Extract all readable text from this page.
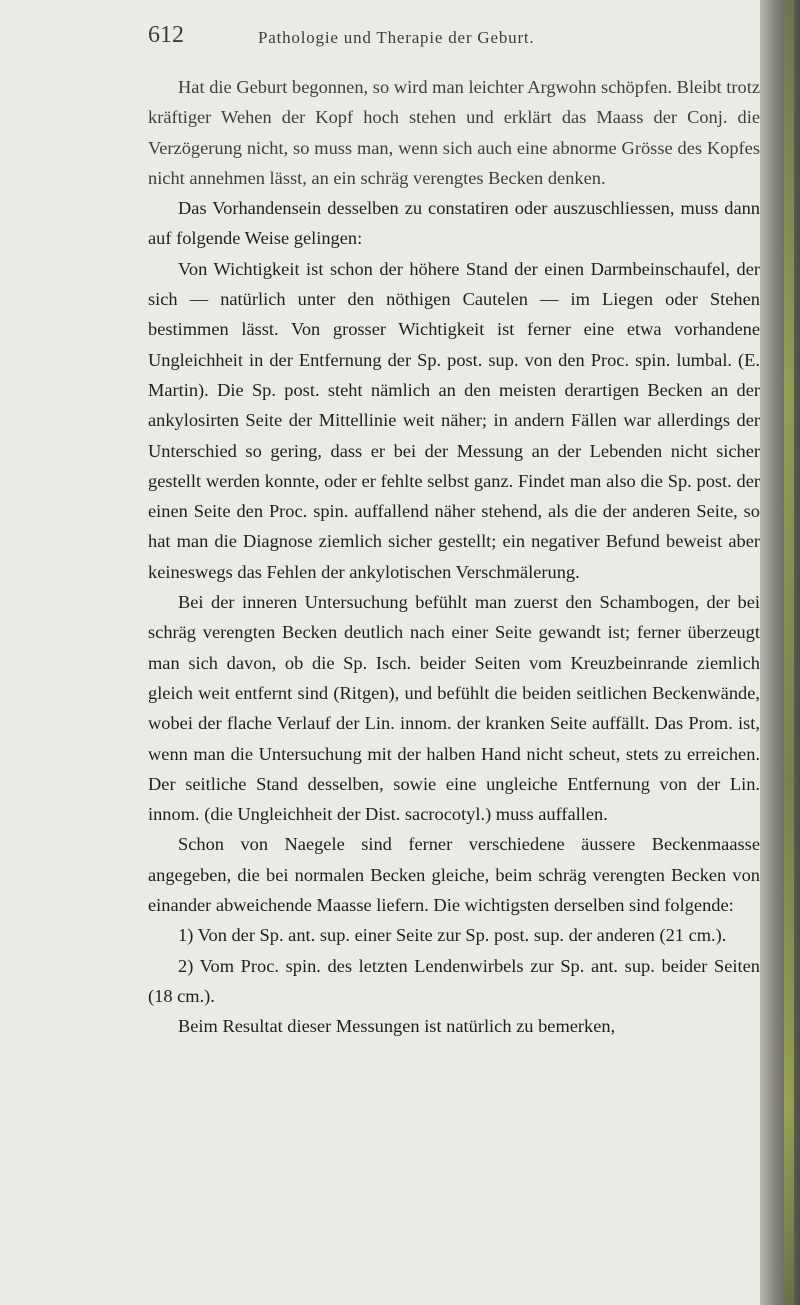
612	Pathologie und Therapie der Geburt.

Hat die Geburt begonnen, so wird man leichter Argwohn schöpfen. Bleibt trotz kräftiger Wehen der Kopf hoch stehen und erklärt das Maass der Conj. die Verzögerung nicht, so muss man, wenn sich auch eine abnorme Grösse des Kopfes nicht annehmen lässt, an ein schräg verengtes Becken denken.

Das Vorhandensein desselben zu constatiren oder auszuschliessen, muss dann auf folgende Weise gelingen:

Von Wichtigkeit ist schon der höhere Stand der einen Darmbeinschaufel, der sich — natürlich unter den nöthigen Cautelen — im Liegen oder Stehen bestimmen lässt. Von grosser Wichtigkeit ist ferner eine etwa vorhandene Ungleichheit in der Entfernung der Sp. post. sup. von den Proc. spin. lumbal. (E. Martin). Die Sp. post. steht nämlich an den meisten derartigen Becken an der ankylosirten Seite der Mittellinie weit näher; in andern Fällen war allerdings der Unterschied so gering, dass er bei der Messung an der Lebenden nicht sicher gestellt werden konnte, oder er fehlte selbst ganz. Findet man also die Sp. post. der einen Seite den Proc. spin. auffallend näher stehend, als die der anderen Seite, so hat man die Diagnose ziemlich sicher gestellt; ein negativer Befund beweist aber keineswegs das Fehlen der ankylotischen Verschmälerung.

Bei der inneren Untersuchung befühlt man zuerst den Schambogen, der bei schräg verengten Becken deutlich nach einer Seite gewandt ist; ferner überzeugt man sich davon, ob die Sp. Isch. beider Seiten vom Kreuzbeinrande ziemlich gleich weit entfernt sind (Ritgen), und befühlt die beiden seitlichen Beckenwände, wobei der flache Verlauf der Lin. innom. der kranken Seite auffällt. Das Prom. ist, wenn man die Untersuchung mit der halben Hand nicht scheut, stets zu erreichen. Der seitliche Stand desselben, sowie eine ungleiche Entfernung von der Lin. innom. (die Ungleichheit der Dist. sacrocotyl.) muss auffallen.

Schon von Naegele sind ferner verschiedene äussere Beckenmaasse angegeben, die bei normalen Becken gleiche, beim schräg verengten Becken von einander abweichende Maasse liefern. Die wichtigsten derselben sind folgende:

1) Von der Sp. ant. sup. einer Seite zur Sp. post. sup. der anderen (21 cm.).

2) Vom Proc. spin. des letzten Lendenwirbels zur Sp. ant. sup. beider Seiten (18 cm.).

Beim Resultat dieser Messungen ist natürlich zu bemerken,
